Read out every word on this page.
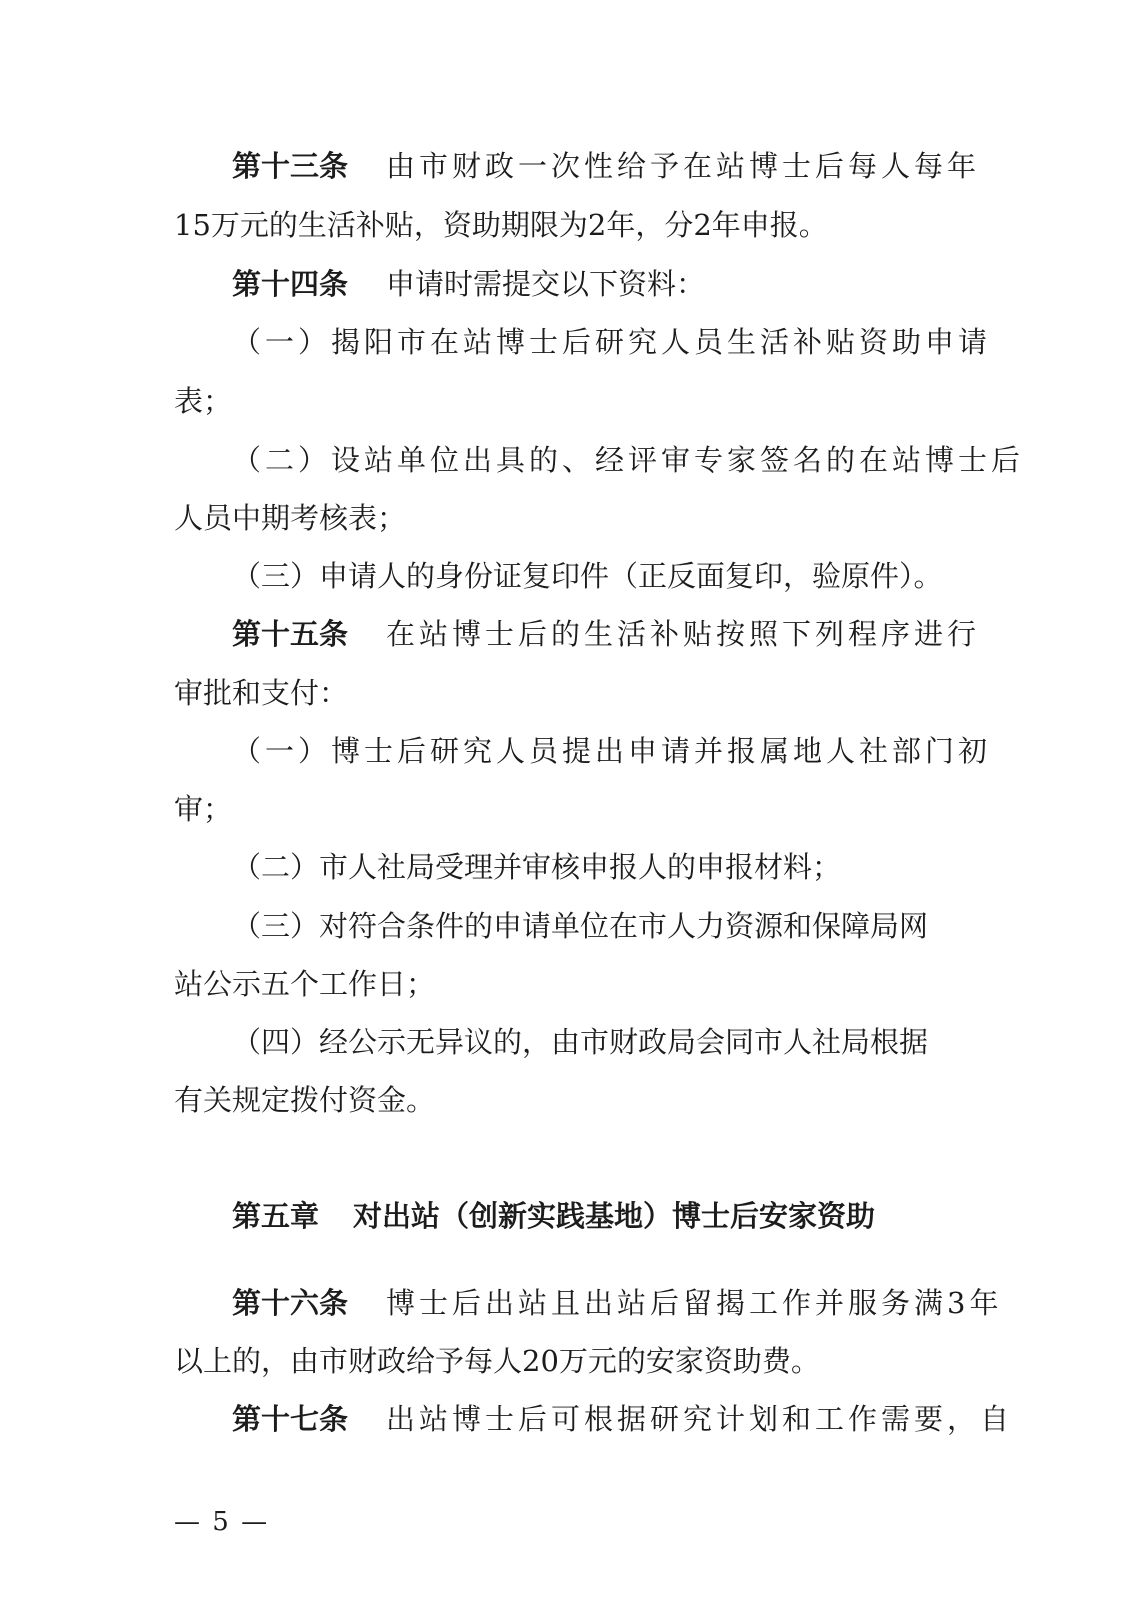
第十三条 由市财政一次性给予在站博士后每人每年
15万元的生活补贴，资助期限为2年，分2年申报。
第十四条 申请时需提交以下资料：
（一）揭阳市在站博士后研究人员生活补贴资助申请
表；
（二）设站单位出具的、经评审专家签名的在站博士后
人员中期考核表；
（三）申请人的身份证复印件（正反面复印，验原件）。
第十五条 在站博士后的生活补贴按照下列程序进行
审批和支付：
（一）博士后研究人员提出申请并报属地人社部门初
审；
（二）市人社局受理并审核申报人的申报材料；
（三）对符合条件的申请单位在市人力资源和保障局网
站公示五个工作日；
（四）经公示无异议的，由市财政局会同市人社局根据
有关规定拨付资金。
第五章 对出站（创新实践基地）博士后安家资助
第十六条 博士后出站且出站后留揭工作并服务满3年
以上的，由市财政给予每人20万元的安家资助费。
第十七条 出站博士后可根据研究计划和工作需要，自
— 5 —
